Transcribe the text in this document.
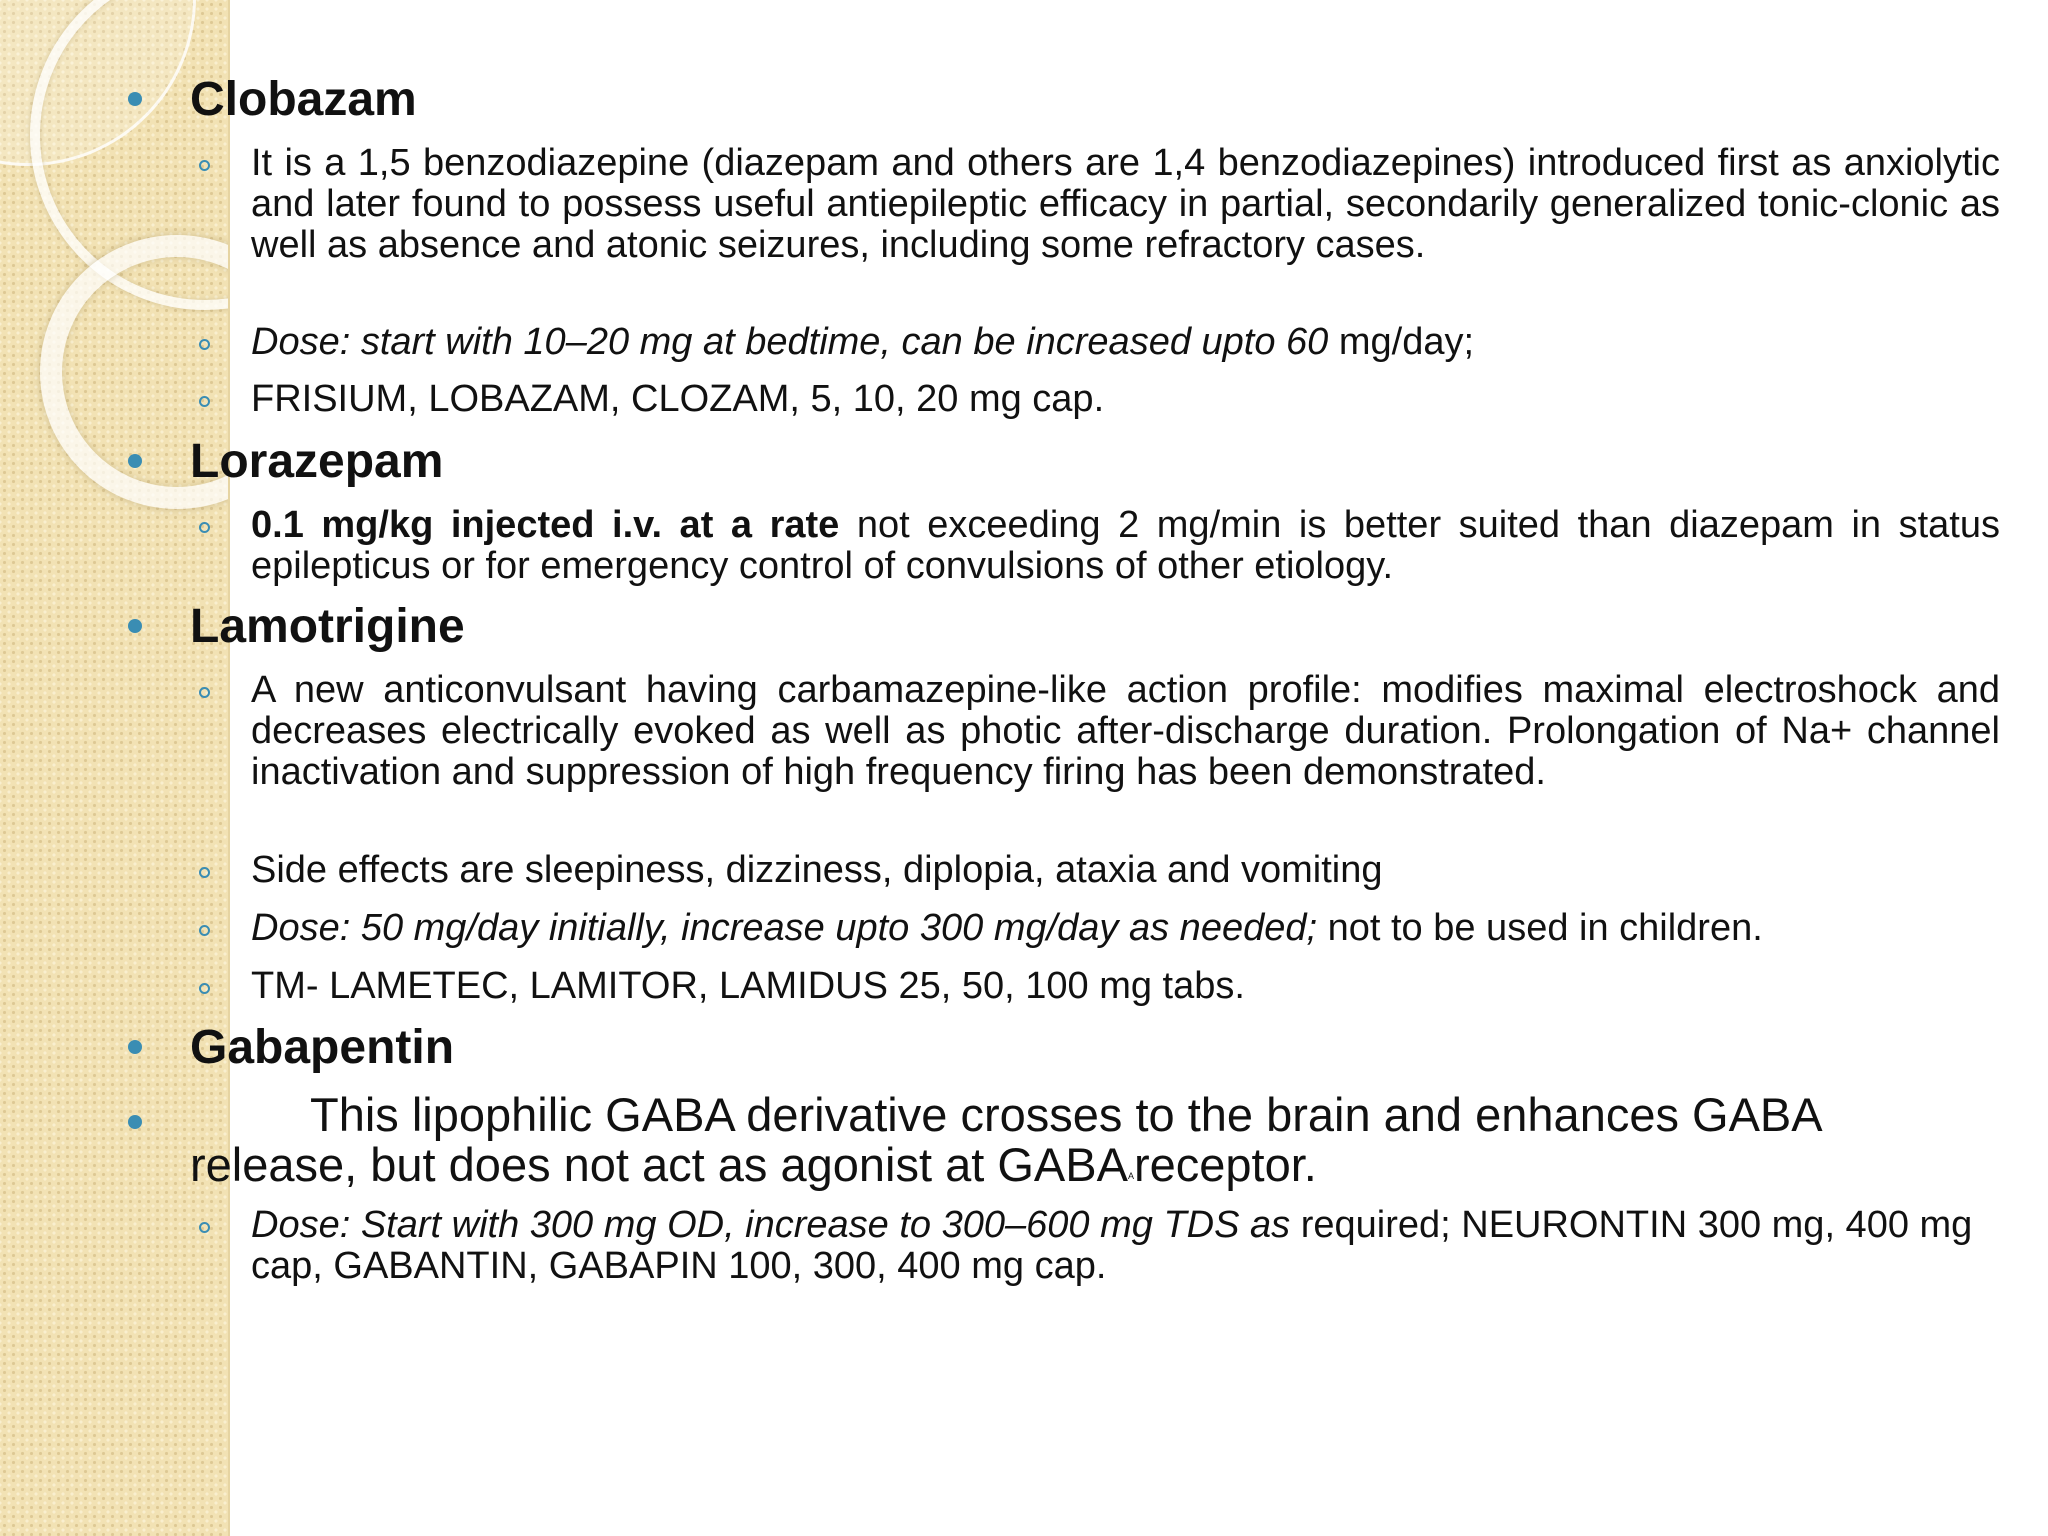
Clobazam
It is a 1,5 benzodiazepine (diazepam and others are 1,4 benzodiazepines) introduced first as anxiolytic and later found to possess useful antiepileptic efficacy in partial, secondarily generalized tonic-clonic as well as absence and atonic seizures, including some refractory cases.
Dose: start with 10–20 mg at bedtime, can be increased upto 60 mg/day;
FRISIUM, LOBAZAM, CLOZAM, 5, 10, 20 mg cap.
Lorazepam
0.1 mg/kg injected i.v. at a rate not exceeding 2 mg/min is better suited than diazepam in status epilepticus or for emergency control of convulsions of other etiology.
Lamotrigine
A new anticonvulsant having carbamazepine-like action profile: modifies maximal electroshock and decreases electrically evoked as well as photic after-discharge duration. Prolongation of Na+ channel inactivation and suppression of high frequency firing has been demonstrated.
Side effects are sleepiness, dizziness, diplopia, ataxia and vomiting
Dose: 50 mg/day initially, increase upto 300 mg/day as needed; not to be used in children.
TM- LAMETEC, LAMITOR, LAMIDUS 25, 50, 100 mg tabs.
Gabapentin
This lipophilic GABA derivative crosses to the brain and enhances GABA release, but does not act as agonist at $GABA^Areceptor$.
Dose: Start with 300 mg OD, increase to 300–600 mg TDS as required; NEURONTIN 300 mg, 400 mg cap, GABANTIN, GABAPIN 100, 300, 400 mg cap.
